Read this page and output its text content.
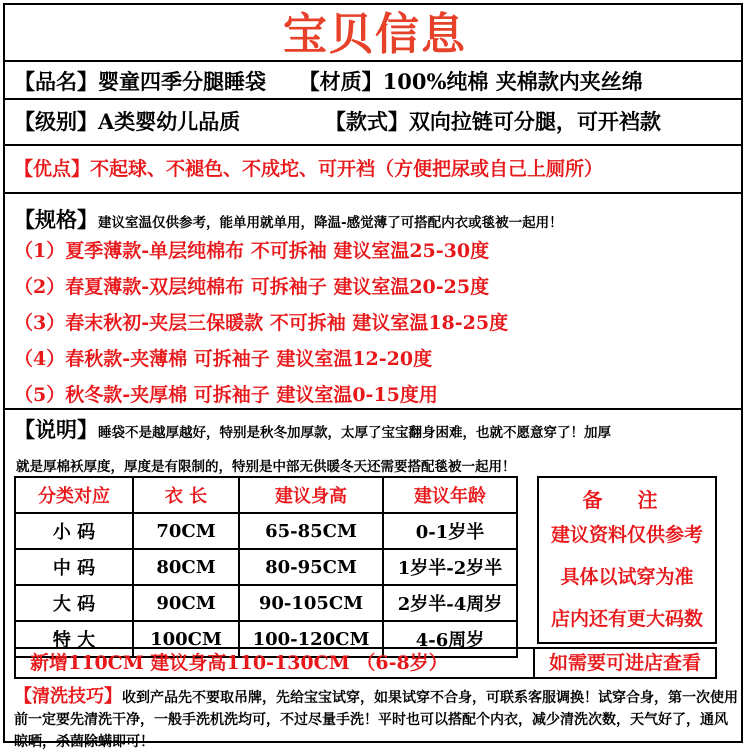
宝贝信息
【品名】婴童四季分腿睡袋 【材质】100%纯棉 夹棉款内夹丝绵
【级别】A类婴幼儿品质	【款式】双向拉链可分腿，可开裆款
【优点】不起球、不褪色、不成坨、可开裆（方便把尿或自己上厕所）
【规格】建议室温仅供参考，能单用就单用，降温-感觉薄了可搭配内衣或毯被一起用！
（1）夏季薄款-单层纯棉布 不可拆袖 建议室温25-30度
（2）春夏薄款-双层纯棉布 可拆袖子 建议室温20-25度
（3）春末秋初-夹层三保暖款 不可拆袖 建议室温18-25度
（4）春秋款-夹薄棉 可拆袖子 建议室温12-20度
（5）秋冬款-夹厚棉 可拆袖子 建议室温0-15度用
【说明】睡袋不是越厚越好，特别是秋冬加厚款，太厚了宝宝翻身困难，也就不愿意穿了！加厚
就是厚棉袄厚度，厚度是有限制的，特别是中部无供暖冬天还需要搭配毯被一起用！
分类对应	衣 长	建议身高	建议年龄
小 码	70CM	65-85CM	0-1岁半
中 码	80CM	80-95CM	1岁半-2岁半
大 码	90CM	90-105CM	2岁半-4周岁
特 大	100CM	100-120CM	4-6周岁
备 注
建议资料仅供参考
具体以试穿为准
店内还有更大码数
新增110CM 建议身高110-130CM （6-8岁）	如需要可进店查看
【清洗技巧】收到产品先不要取吊牌，先给宝宝试穿，如果试穿不合身，可联系客服调换！试穿合身，第一次使用前一定要先清洗干净，一般手洗机洗均可，不过尽量手洗！平时也可以搭配个内衣，减少清洗次数，天气好了，通风晾晒，杀菌除螨即可！
